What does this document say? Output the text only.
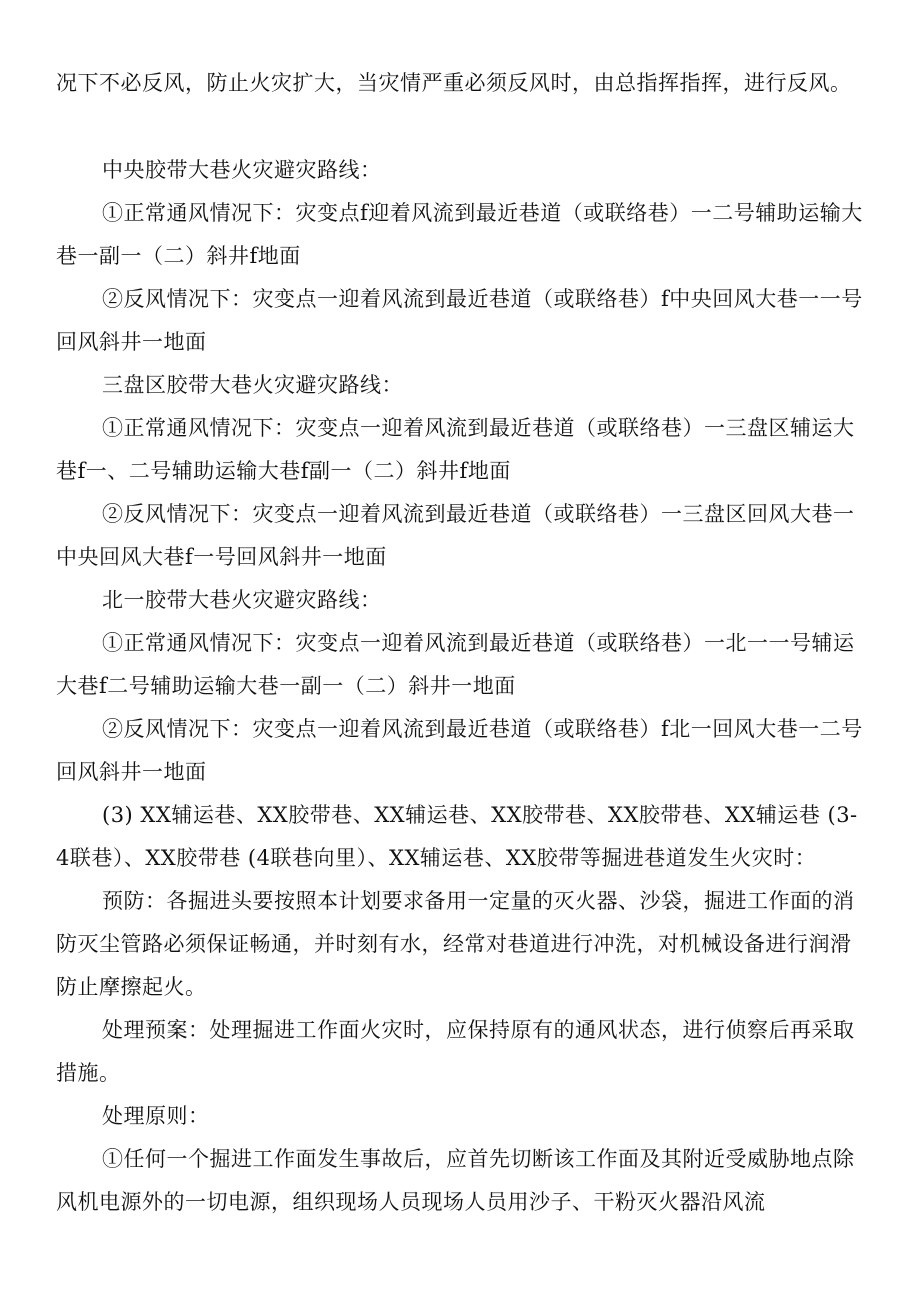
况下不必反风，防止火灾扩大，当灾情严重必须反风时，由总指挥指挥，进行反风。

中央胶带大巷火灾避灾路线：

①正常通风情况下：灾变点f迎着风流到最近巷道（或联络巷）一二号辅助运输大巷一副一（二）斜井f地面

②反风情况下：灾变点一迎着风流到最近巷道（或联络巷）f中央回风大巷一一号回风斜井一地面

三盘区胶带大巷火灾避灾路线：

①正常通风情况下：灾变点一迎着风流到最近巷道（或联络巷）一三盘区辅运大巷f一、二号辅助运输大巷f副一（二）斜井f地面

②反风情况下：灾变点一迎着风流到最近巷道（或联络巷）一三盘区回风大巷一中央回风大巷f一号回风斜井一地面

北一胶带大巷火灾避灾路线：

①正常通风情况下：灾变点一迎着风流到最近巷道（或联络巷）一北一一号辅运大巷f二号辅助运输大巷一副一（二）斜井一地面

②反风情况下：灾变点一迎着风流到最近巷道（或联络巷）f北一回风大巷一二号回风斜井一地面

(3) XX辅运巷、XX胶带巷、XX辅运巷、XX胶带巷、XX胶带巷、XX辅运巷 (3-4联巷）、XX胶带巷 (4联巷向里）、XX辅运巷、XX胶带等掘进巷道发生火灾时：

预防：各掘进头要按照本计划要求备用一定量的灭火器、沙袋，掘进工作面的消防灭尘管路必须保证畅通，并时刻有水，经常对巷道进行冲洗，对机械设备进行润滑防止摩擦起火。

处理预案：处理掘进工作面火灾时，应保持原有的通风状态，进行侦察后再采取措施。

处理原则：

①任何一个掘进工作面发生事故后，应首先切断该工作面及其附近受威胁地点除风机电源外的一切电源，组织现场人员现场人员用沙子、干粉灭火器沿风流
